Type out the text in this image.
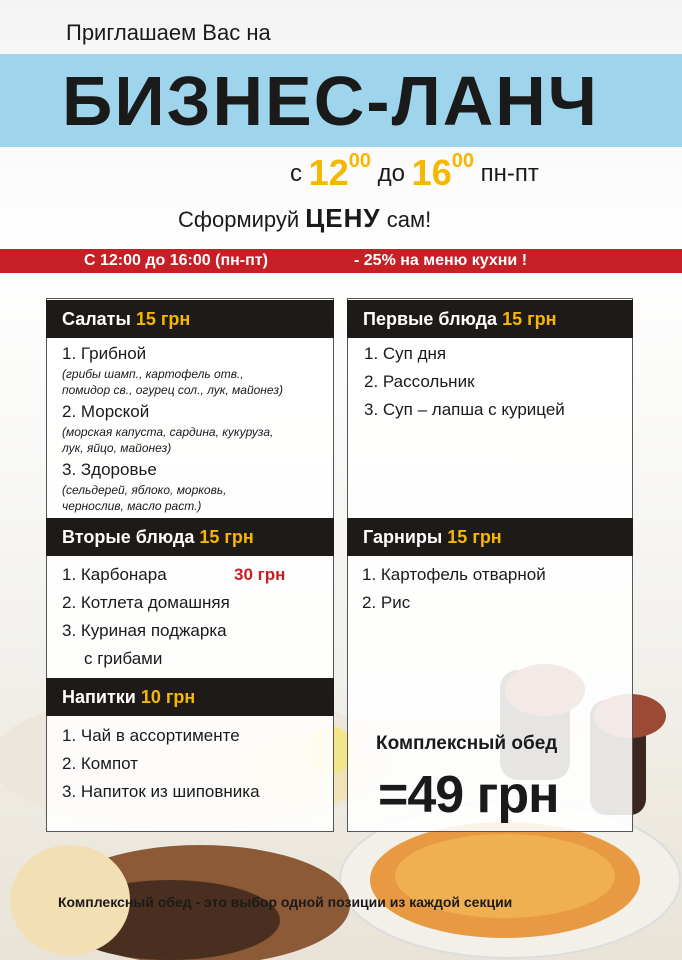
Приглашаем Вас на
БИЗНЕС-ЛАНЧ
с $12^{00}$ до $16^{00}$ пн-пт
Сформируй ЦЕНУ сам!
С 12:00 до 16:00 (пн-пт)	- 25% на меню кухни !
Салаты 15 грн
1. Грибной
(грибы шамп., картофель отв.,
помидор св., огурец сол., лук, майонез)
2. Морской
(морская капуста, сардина, кукуруза,
лук, яйцо, майонез)
3. Здоровье
(сельдерей, яблоко, морковь,
чернослив, масло раст.)
Первые блюда 15 грн
1. Суп дня
2. Рассольник
3. Суп – лапша с курицей
Вторые блюда 15 грн
1. Карбонара	30 грн
2. Котлета домашняя
3. Куриная поджарка
с грибами
Гарниры 15 грн
1. Картофель отварной
2. Рис
Напитки 10 грн
1. Чай в ассортименте
2. Компот
3. Напиток из шиповника
Комплексный обед
=49 грн
Комплексный обед - это выбор одной позиции из каждой секции
